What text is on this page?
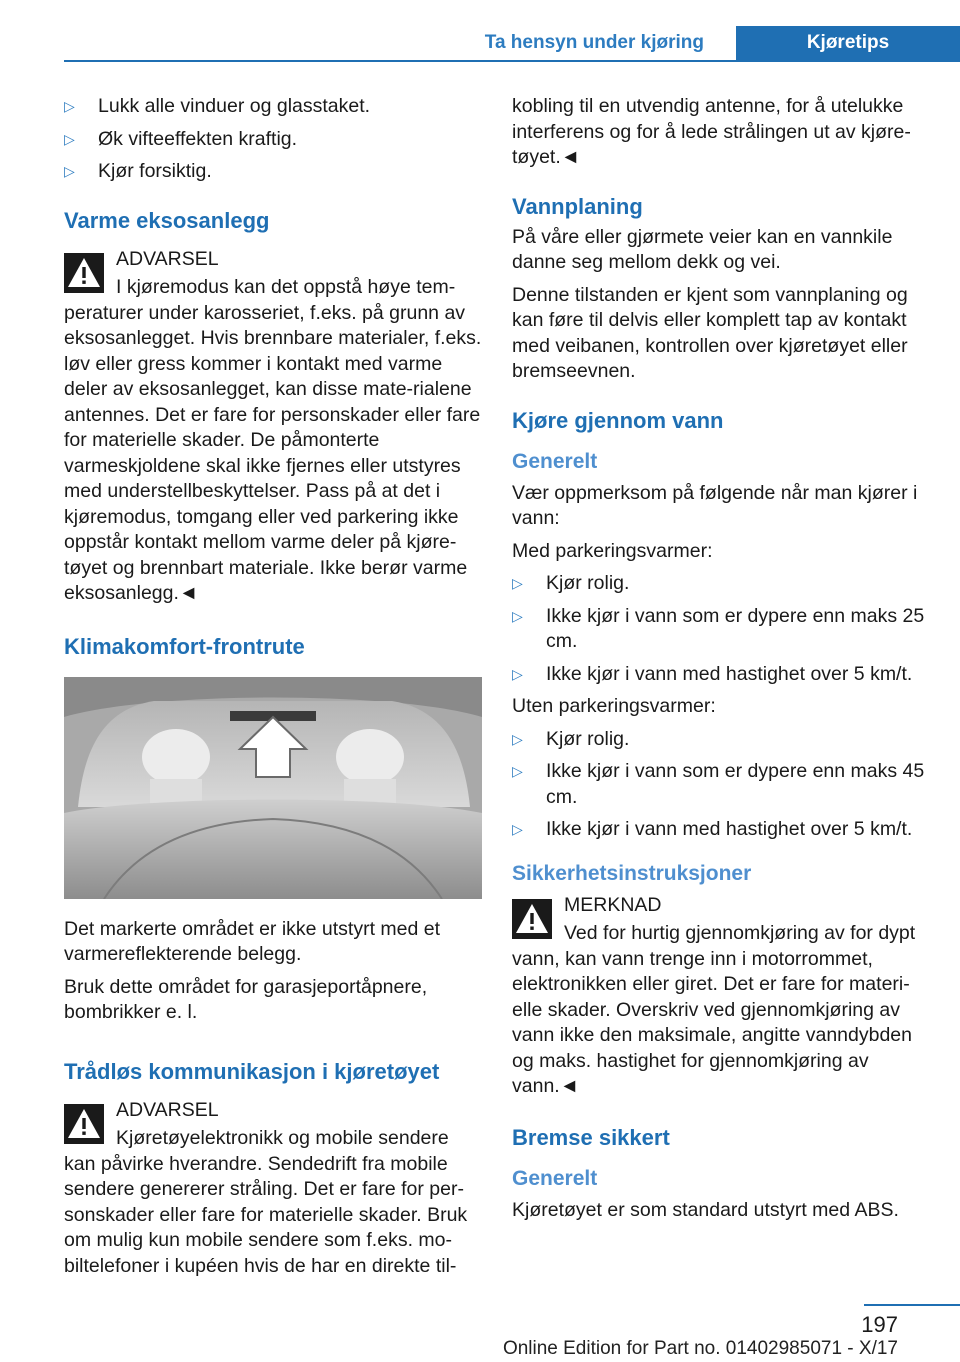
Ta hensyn under kjøring	Kjøretips
▷ Lukk alle vinduer og glasstaket.
▷ Øk vifteeffekten kraftig.
▷ Kjør forsiktig.
Varme eksosanlegg
ADVARSEL
I kjøremodus kan det oppstå høye tem-peraturer under karosseriet, f.eks. på grunn av eksosanlegget. Hvis brennbare materialer, f.eks. løv eller gress kommer i kontakt med varme deler av eksosanlegget, kan disse mate-rialene antennes. Det er fare for personskader eller fare for materielle skader. De påmonterte varmeskjoldene skal ikke fjernes eller utstyres med understellbeskyttelser. Pass på at det i kjøremodus, tomgang eller ved parkering ikke oppstår kontakt mellom varme deler på kjøre-tøyet og brennbart materiale. Ikke berør varme eksosanlegg.◄
Klimakomfort-frontrute

Det markerte området er ikke utstyrt med et varmereflekterende belegg.

Bruk dette området for garasjeportåpnere, bombrikker e. l.

Trådløs kommunikasjon i kjøretøyet
ADVARSEL
Kjøretøyelektronikk og mobile sendere kan påvirke hverandre. Sendedrift fra mobile sendere genererer stråling. Det er fare for per-sonskader eller fare for materielle skader. Bruk om mulig kun mobile sendere som f.eks. mo-biltelefoner i kupéen hvis de har en direkte til-

kobling til en utvendig antenne, for å utelukke interferens og for å lede strålingen ut av kjøre-tøyet.◄

Vannplaning

På våre eller gjørmete veier kan en vannkile danne seg mellom dekk og vei.

Denne tilstanden er kjent som vannplaning og kan føre til delvis eller komplett tap av kontakt med veibanen, kontrollen over kjøretøyet eller bremseevnen.

Kjøre gjennom vann
Generelt

Vær oppmerksom på følgende når man kjører i vann:

Med parkeringsvarmer:

▷ Kjør rolig.
▷ Ikke kjør i vann som er dypere enn maks 25 cm.
▷ Ikke kjør i vann med hastighet over 5 km/t.

Uten parkeringsvarmer:

▷ Kjør rolig.
▷ Ikke kjør i vann som er dypere enn maks 45 cm.
▷ Ikke kjør i vann med hastighet over 5 km/t.
Sikkerhetsinstruksjoner
MERKNAD
Ved for hurtig gjennomkjøring av for dypt vann, kan vann trenge inn i motorrommet, elektronikken eller giret. Det er fare for materi-elle skader. Overskriv ved gjennomkjøring av vann ikke den maksimale, angitte vanndybden og maks. hastighet for gjennomkjøring av vann.◄
Bremse sikkert
Generelt

Kjøretøyet er som standard utstyrt med ABS.

197
Online Edition for Part no. 01402985071 - X/17
